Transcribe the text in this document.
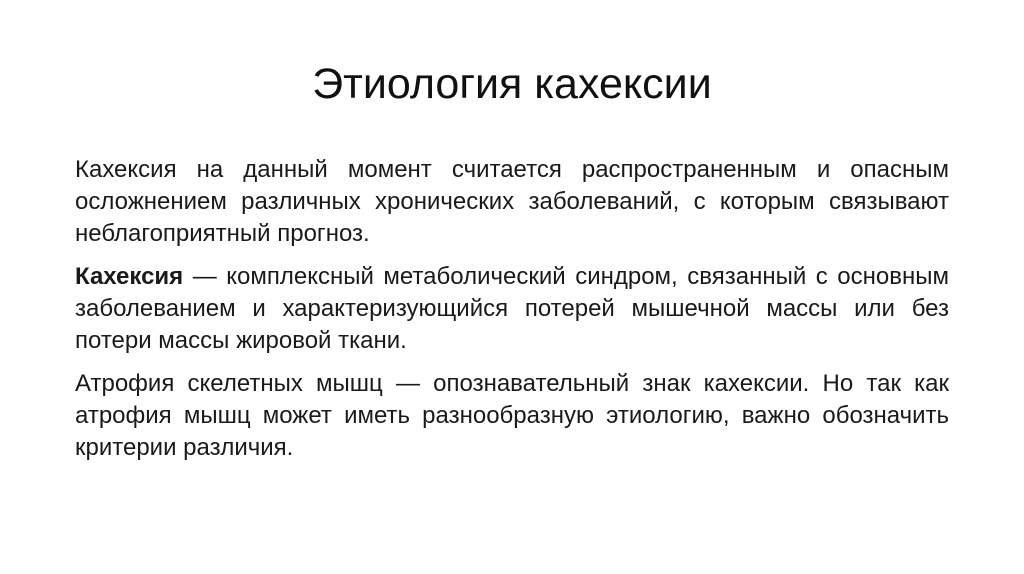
Этиология кахексии

Кахексия на данный момент считается распространенным и опасным осложнением различных хронических заболеваний, с которым связывают неблагоприятный прогноз.

Кахексия — комплексный метаболический синдром, связанный с основным заболеванием и характеризующийся потерей мышечной массы или без потери массы жировой ткани.

Атрофия скелетных мышц — опознавательный знак кахексии. Но так как атрофия мышц может иметь разнообразную этиологию, важно обозначить критерии различия.
